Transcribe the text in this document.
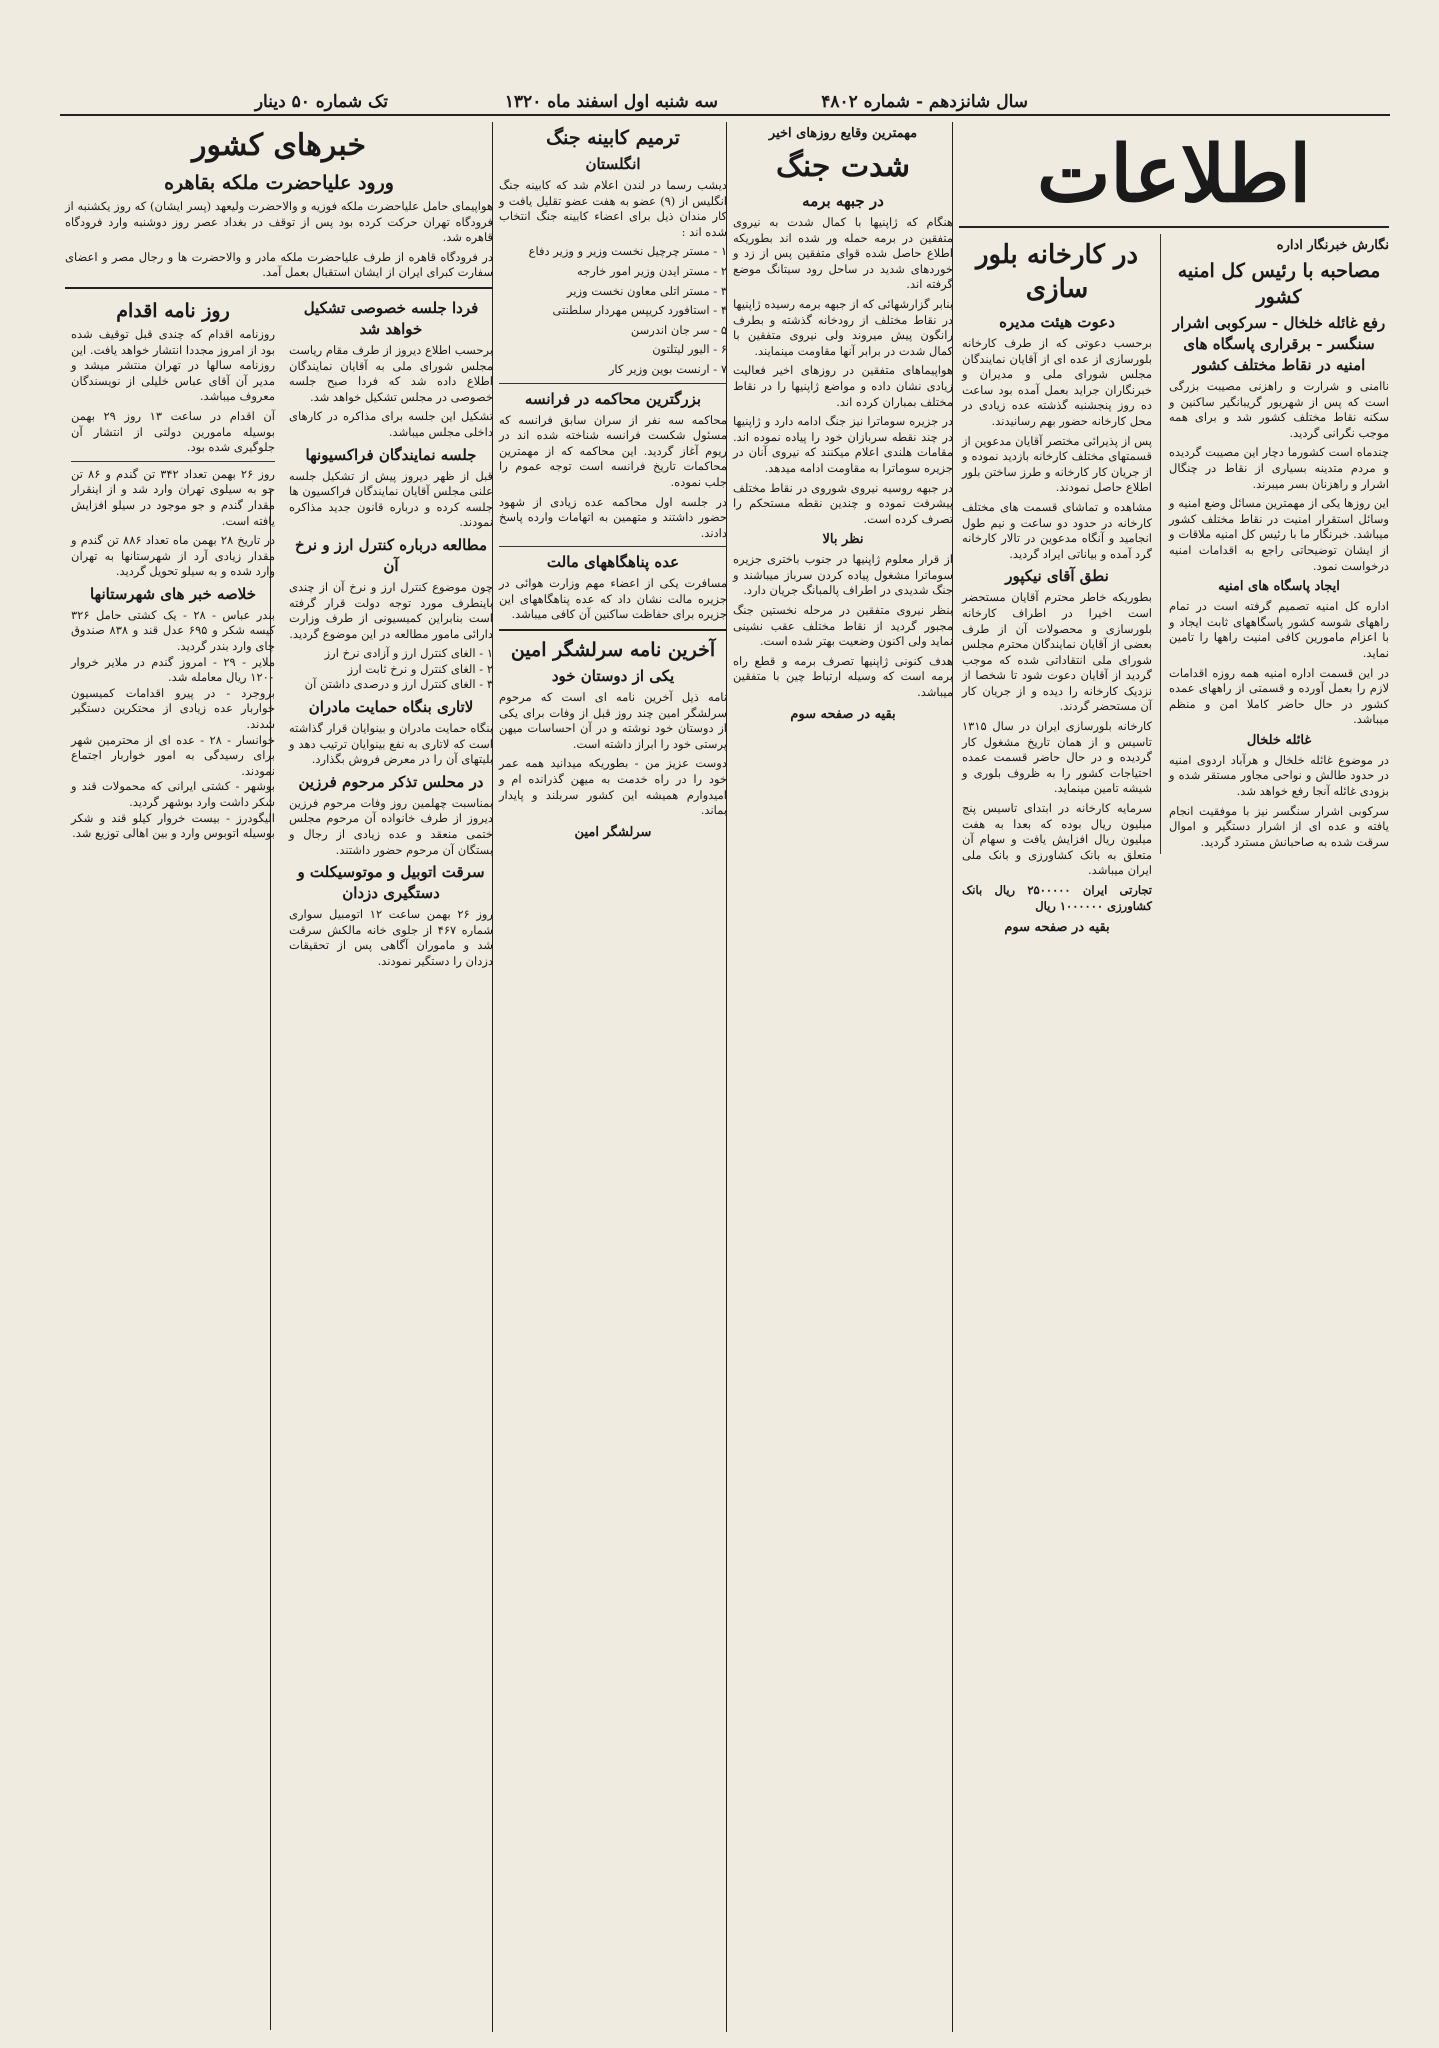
سال شانزدهم - شماره ۴۸۰۲
سه شنبه اول اسفند ماه ۱۳۲۰
تک شماره ۵۰ دینار
اطلاعات
نگارش خبرنگار اداره
مصاحبه با رئیس کل امنیه کشور
رفع غائله خلخال - سرکوبی اشرار سنگسر - برقراری پاسگاه های امنیه در نقاط مختلف کشور

ناامنی و شرارت و راهزنی مصیبت بزرگی است که پس از شهریور گریبانگیر ساکنین و سکنه نقاط مختلف کشور شد و برای همه موجب نگرانی گردید.

چندماه است کشورما دچار این مصیبت گردیده و مردم متدینه بسیاری از نقاط در چنگال اشرار و راهزنان بسر میبرند.

این روزها یکی از مهمترین مسائل وضع امنیه و وسائل استقرار امنیت در نقاط مختلف کشور میباشد. خبرنگار ما با رئیس کل امنیه ملاقات و از ایشان توضیحاتی راجع به اقدامات امنیه درخواست نمود.

ایجاد پاسگاه های امنیه

اداره کل امنیه تصمیم گرفته است در تمام راههای شوسه کشور پاسگاههای ثابت ایجاد و با اعزام مامورین کافی امنیت راهها را تامین نماید.

در این قسمت اداره امنیه همه روزه اقدامات لازم را بعمل آورده و قسمتی از راههای عمده کشور در حال حاضر کاملا امن و منظم میباشد.

غائله خلخال

در موضوع غائله خلخال و هرآباد اردوی امنیه در حدود طالش و نواحی مجاور مستقر شده و بزودی غائله آنجا رفع خواهد شد.

سرکوبی اشرار سنگسر نیز با موفقیت انجام یافته و عده ای از اشرار دستگیر و اموال سرقت شده به صاحبانش مسترد گردید.

در کارخانه بلور سازی
دعوت هیئت مدیره

برحسب دعوتی که از طرف کارخانه بلورسازی از عده ای از آقایان نمایندگان مجلس شورای ملی و مدیران و خبرنگاران جراید بعمل آمده بود ساعت ده روز پنجشنبه گذشته عده زیادی در محل کارخانه حضور بهم رسانیدند.

پس از پذیرائی مختصر آقایان مدعوین از قسمتهای مختلف کارخانه بازدید نموده و از جریان کار کارخانه و طرز ساختن بلور اطلاع حاصل نمودند.

مشاهده و تماشای قسمت های مختلف کارخانه در حدود دو ساعت و نیم طول انجامید و آنگاه مدعوین در تالار کارخانه گرد آمده و بیاناتی ایراد گردید.

نطق آقای نیکپور

بطوریکه خاطر محترم آقایان مستحضر است اخیرا در اطراف کارخانه بلورسازی و محصولات آن از طرف بعضی از آقایان نمایندگان محترم مجلس شورای ملی انتقاداتی شده که موجب گردید از آقایان دعوت شود تا شخصا از نزدیک کارخانه را دیده و از جریان کار آن مستحضر گردند.

کارخانه بلورسازی ایران در سال ۱۳۱۵ تاسیس و از همان تاریخ مشغول کار گردیده و در حال حاضر قسمت عمده احتیاجات کشور را به ظروف بلوری و شیشه تامین مینماید.

سرمایه کارخانه در ابتدای تاسیس پنج میلیون ریال بوده که بعدا به هفت میلیون ریال افزایش یافت و سهام آن متعلق به بانک کشاورزی و بانک ملی ایران میباشد.

تجارتی ایران ۲۵۰۰۰۰۰ ریال بانک کشاورزی ۱۰۰۰۰۰۰ ریال

بقیه در صفحه سوم
مهمترین وقایع روزهای اخیر
شدت جنگ
در جبهه برمه

هنگام که ژاپنیها با کمال شدت به نیروی متفقین در برمه حمله ور شده اند بطوریکه اطلاع حاصل شده قوای متفقین پس از زد و خوردهای شدید در ساحل رود سیتانگ موضع گرفته اند.

بنابر گزارشهائی که از جبهه برمه رسیده ژاپنیها در نقاط مختلف از رودخانه گذشته و بطرف رانگون پیش میروند ولی نیروی متفقین با کمال شدت در برابر آنها مقاومت مینمایند.

هواپیماهای متفقین در روزهای اخیر فعالیت زیادی نشان داده و مواضع ژاپنیها را در نقاط مختلف بمباران کرده اند.

در جزیره سوماترا نیز جنگ ادامه دارد و ژاپنیها در چند نقطه سربازان خود را پیاده نموده اند. مقامات هلندی اعلام میکنند که نیروی آنان در جزیره سوماترا به مقاومت ادامه میدهد.

در جبهه روسیه نیروی شوروی در نقاط مختلف پیشرفت نموده و چندین نقطه مستحکم را تصرف کرده است.

نظر بالا

از قرار معلوم ژاپنیها در جنوب باختری جزیره سوماترا مشغول پیاده کردن سرباز میباشند و جنگ شدیدی در اطراف پالمبانگ جریان دارد.

بنظر نیروی متفقین در مرحله نخستین جنگ مجبور گردید از نقاط مختلف عقب نشینی نماید ولی اکنون وضعیت بهتر شده است.

هدف کنونی ژاپنیها تصرف برمه و قطع راه برمه است که وسیله ارتباط چین با متفقین میباشد.

بقیه در صفحه سوم
ترمیم کابینه جنگ
انگلستان

دیشب رسما در لندن اعلام شد که کابینه جنگ انگلیس از (۹) عضو به هفت عضو تقلیل یافت و کار مندان ذیل برای اعضاء کابینه جنگ انتخاب شده اند :

۱ - مستر چرچیل نخست وزیر و وزیر دفاع

۲ - مستر ایدن وزیر امور خارجه

۳ - مستر اتلی معاون نخست وزیر

۴ - استافورد کریپس مهردار سلطنتی

۵ - سر جان اندرسن

۶ - الیور لیتلتون

۷ - ارنست بوین وزیر کار

بزرگترین محاکمه در فرانسه

محاکمه سه نفر از سران سابق فرانسه که مسئول شکست فرانسه شناخته شده اند در ریوم آغاز گردید. این محاکمه که از مهمترین محاکمات تاریخ فرانسه است توجه عموم را جلب نموده.

در جلسه اول محاکمه عده زیادی از شهود حضور داشتند و متهمین به اتهامات وارده پاسخ دادند.

عده پناهگاههای مالت

مسافرت یکی از اعضاء مهم وزارت هوائی در جزیره مالت نشان داد که عده پناهگاههای این جزیره برای حفاظت ساکنین آن کافی میباشد.

آخرین نامه سرلشگر امین
یکی از دوستان خود

نامه ذیل آخرین نامه ای است که مرحوم سرلشگر امین چند روز قبل از وفات برای یکی از دوستان خود نوشته و در آن احساسات میهن پرستی خود را ابراز داشته است.

دوست عزیز من - بطوریکه میدانید همه عمر خود را در راه خدمت به میهن گذرانده ام و امیدوارم همیشه این کشور سربلند و پایدار بماند.

سرلشگر امین
خبرهای کشور
ورود علیاحضرت ملکه بقاهره

هواپیمای حامل علیاحضرت ملکه فوزیه و والاحضرت ولیعهد (پسر ایشان) که روز یکشنبه از فرودگاه تهران حرکت کرده بود پس از توقف در بغداد عصر روز دوشنبه وارد فرودگاه قاهره شد.

در فرودگاه قاهره از طرف علیاحضرت ملکه مادر و والاحضرت ها و رجال مصر و اعضای سفارت کبرای ایران از ایشان استقبال بعمل آمد.

فردا جلسه خصوصی تشکیل خواهد شد

برحسب اطلاع دیروز از طرف مقام ریاست مجلس شورای ملی به آقایان نمایندگان اطلاع داده شد که فردا صبح جلسه خصوصی در مجلس تشکیل خواهد شد.

تشکیل این جلسه برای مذاکره در کارهای داخلی مجلس میباشد.

جلسه نمایندگان فراکسیونها

قبل از ظهر دیروز پیش از تشکیل جلسه علنی مجلس آقایان نمایندگان فراکسیون ها جلسه کرده و درباره قانون جدید مذاکره نمودند.

مطالعه درباره کنترل ارز و نرخ آن

چون موضوع کنترل ارز و نرخ آن از چندی باینطرف مورد توجه دولت قرار گرفته است بنابراین کمیسیونی از طرف وزارت دارائی مامور مطالعه در این موضوع گردید.

۱ - الغای کنترل ارز و آزادی نرخ ارز
۲ - الغای کنترل و نرخ ثابت ارز
۳ - الغای کنترل ارز و درصدی داشتن آن

لاتاری بنگاه حمایت مادران

بنگاه حمایت مادران و بینوایان قرار گذاشته است که لاتاری به نفع بینوایان ترتیب دهد و بلیتهای آن را در معرض فروش بگذارد.

در محلس تذکر مرحوم فرزین

بمناسبت چهلمین روز وفات مرحوم فرزین دیروز از طرف خانواده آن مرحوم مجلس ختمی منعقد و عده زیادی از رجال و بستگان آن مرحوم حضور داشتند.

سرقت اتوبیل و موتوسیکلت و دستگیری دزدان

روز ۲۶ بهمن ساعت ۱۲ اتومبیل سواری شماره ۴۶۷ از جلوی خانه مالکش سرقت شد و ماموران آگاهی پس از تحقیقات دزدان را دستگیر نمودند.

روز نامه اقدام

روزنامه اقدام که چندی قبل توقیف شده بود از امروز مجددا انتشار خواهد یافت. این روزنامه سالها در تهران منتشر میشد و مدیر آن آقای عباس خلیلی از نویسندگان معروف میباشد.

آن اقدام در ساعت ۱۳ روز ۲۹ بهمن بوسیله مامورین دولتی از انتشار آن جلوگیری شده بود.

روز ۲۶ بهمن تعداد ۳۴۲ تن گندم و ۸۶ تن جو به سیلوی تهران وارد شد و از اینقرار مقدار گندم و جو موجود در سیلو افزایش یافته است.

در تاریخ ۲۸ بهمن ماه تعداد ۸۸۶ تن گندم و مقدار زیادی آرد از شهرستانها به تهران وارد شده و به سیلو تحویل گردید.

خلاصه خبر های شهرستانها

بندر عباس - ۲۸ - یک کشتی حامل ۳۲۶ کیسه شکر و ۶۹۵ عدل قند و ۸۳۸ صندوق چای وارد بندر گردید.
ملایر - ۲۹ - امروز گندم در ملایر خروار ۱۲۰۰ ریال معامله شد.
بروجرد - در پیرو اقدامات کمیسیون خواربار عده زیادی از محتکرین دستگیر شدند.
خوانسار - ۲۸ - عده ای از محترمین شهر برای رسیدگی به امور خواربار اجتماع نمودند.
بوشهر - کشتی ایرانی که محمولات قند و شکر داشت وارد بوشهر گردید.
الیگودرز - بیست خروار کیلو قند و شکر بوسیله اتوبوس وارد و بین اهالی توزیع شد.
